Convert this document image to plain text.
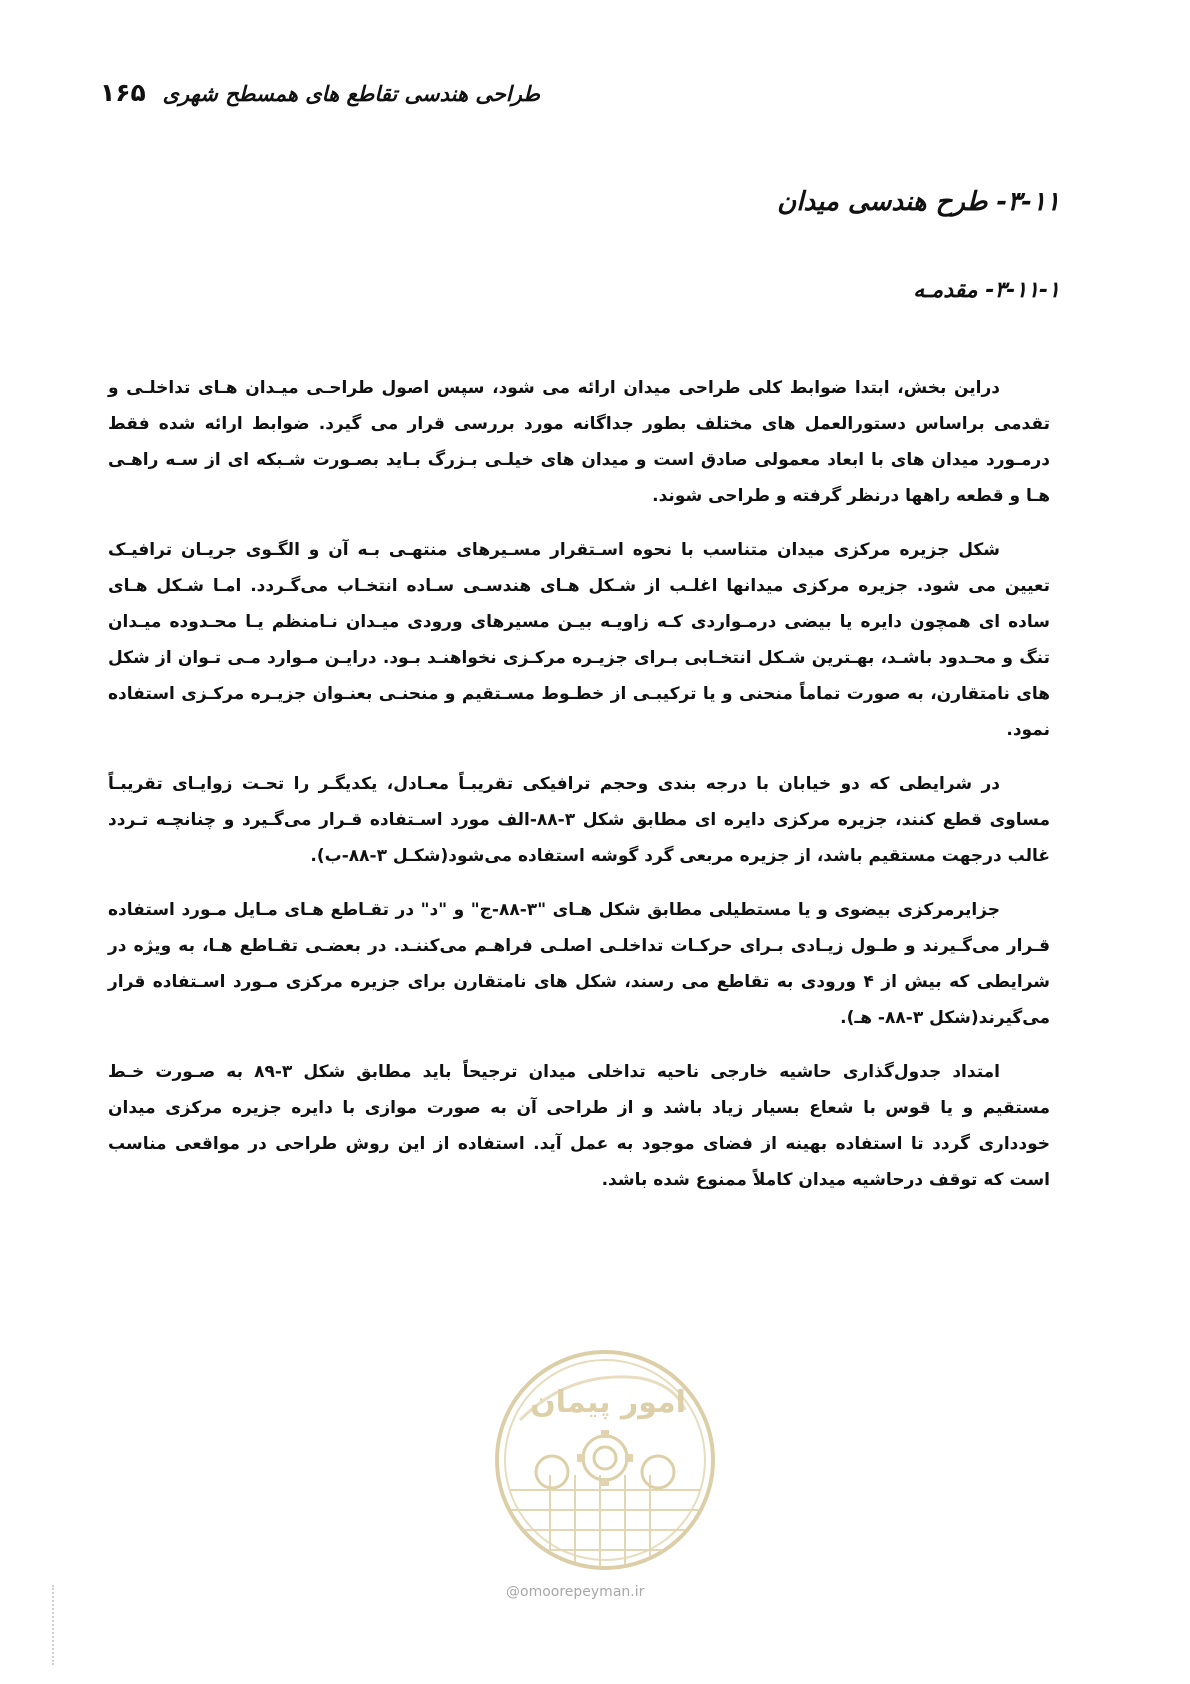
۱۶۵ طراحی هندسی تقاطع های همسطح شهری
۳-۱۱- طرح هندسی میدان
۳-۱۱-۱- مقدمـه

دراین بخش، ابتدا ضوابط کلی طراحی میدان ارائه می شود، سپس اصول طراحـی میـدان هـای تداخلـی و تقدمی براساس دستورالعمل های مختلف بطور جداگانه مورد بررسی قرار می گیرد. ضوابط ارائه شده فقط درمـورد میدان های با ابعاد معمولی صادق است و میدان های خیلـی بـزرگ بـاید بصـورت شـبکه ای از سـه راهـی هـا و قطعه راهها درنظر گرفته و طراحی شوند.

شکل جزیره مرکزی میدان متناسب با نحوه اسـتقرار مسـیرهای منتهـی بـه آن و الگـوی جریـان ترافیـک تعیین می شود. جزیره مرکزی میدانها اغلـب از شـکل هـای هندسـی سـاده انتخـاب می‌گـردد. امـا شـکل هـای ساده ای همچون دایره یا بیضی درمـواردی کـه زاویـه بیـن مسیرهای ورودی میـدان نـامنظم یـا محـدوده میـدان تنگ و محـدود باشـد، بهـترین شـکل انتخـابی بـرای جزیـره مرکـزی نخواهنـد بـود. درایـن مـوارد مـی تـوان از شکل های نامتقارن، به صورت تماماً منحنی و یا ترکیبـی از خطـوط مسـتقیم و منحنـی بعنـوان جزیـره مرکـزی استفاده نمود.

در شرایطی که دو خیابان با درجه بندی وحجم ترافیکی تقریبـاً معـادل، یکدیگـر را تحـت زوایـای تقریبـاً مساوی قطع کنند، جزیره مرکزی دایره ای مطابق شکل ۳-۸۸-الف مورد اسـتفاده قـرار می‌گـیرد و چنانچـه تـردد غالب درجهت مستقیم باشد، از جزیره مربعی گرد گوشه استفاده می‌شود(شکـل ۳-۸۸-ب).

جزایرمرکزی بیضوی و یا مستطیلی مطابق شکل هـای "۳-۸۸-ج" و "د" در تقـاطع هـای مـایل مـورد استفاده قـرار می‌گـیرند و طـول زیـادی بـرای حرکـات تداخلـی اصلـی فراهـم می‌کننـد. در بعضـی تقـاطع هـا، به ویژه در شرایطی که بیش از ۴ ورودی به تقاطع می رسند، شکل های نامتقارن برای جزیره مرکزی مـورد اسـتفاده قرار می‌گیرند(شکل ۳-۸۸- هـ).

امتداد جدول‌گذاری حاشیه خارجی ناحیه تداخلی میدان ترجیحاً باید مطابق شکل ۳-۸۹ به صـورت خـط مستقیم و یا قوس با شعاع بسیار زیاد باشد و از طراحی آن به صورت موازی با دایره جزیره مرکزی میدان خودداری گردد تا استفاده بهینه از فضای موجود به عمل آید. استفاده از این روش طراحی در مواقعی مناسب است که توقف درحاشیه میدان کاملاً ممنوع شده باشد.

امور پیمان
@omoorepeyman.ir
